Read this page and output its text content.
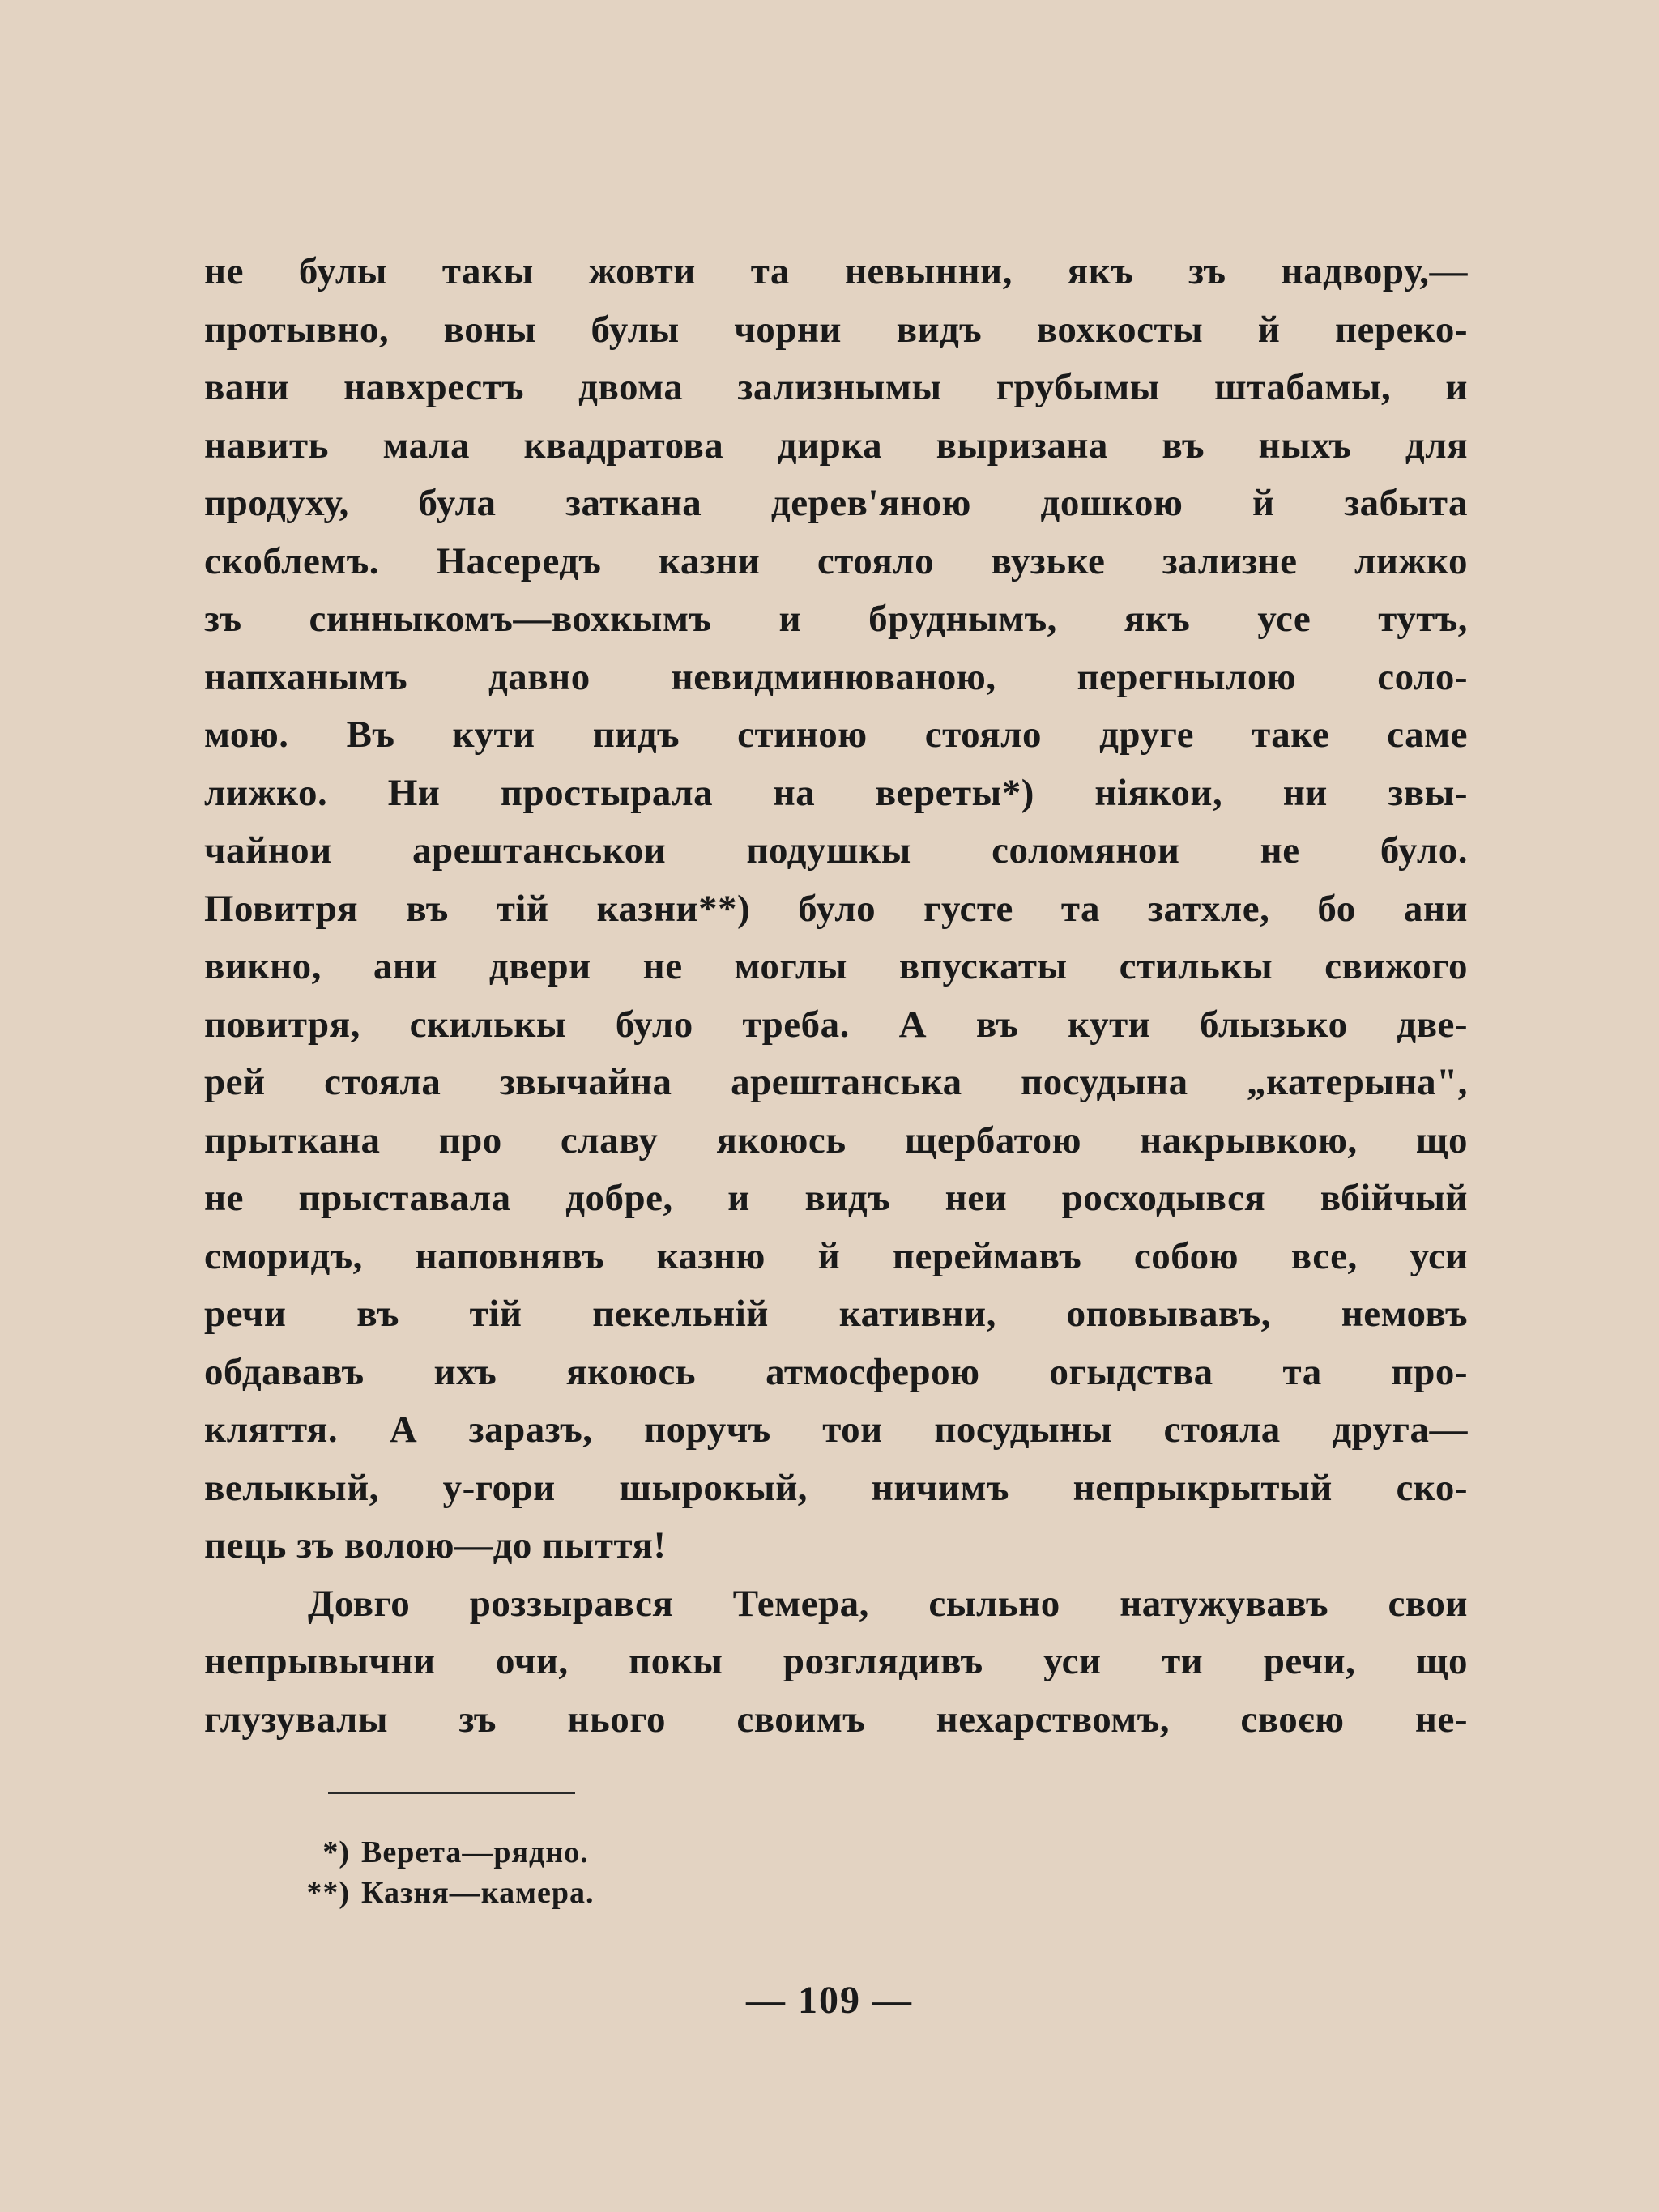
не булы такы жовти та невынни, якъ зъ надвору,—
протывно, воны булы чорни видъ вохкосты й переко-
вани навхрестъ двома зализнымы грубымы штабамы, и
навить мала квадратова дирка выризана въ ныхъ для
продуху, була заткана дерев'яною дошкою й забыта
скоблемъ. Насередъ казни стояло вузьке зализне лижко
зъ синныкомъ—вохкымъ и бруднымъ, якъ усе тутъ,
напханымъ давно невидминюваною, перегнылою соло-
мою. Въ кути пидъ стиною стояло друге таке саме
лижко. Ни простырала на вереты*) ніякои, ни звы-
чайнои арештанськои подушкы соломянои не було.
Повитря въ тій казни**) було густе та затхле, бо ани
викно, ани двери не моглы впускаты стилькы свижого
повитря, скилькы було треба. А въ кути блызько две-
рей стояла звычайна арештанська посудына „катерына",
прыткана про славу якоюсь щербатою накрывкою, що
не прыставала добре, и видъ неи росходывся вбійчый
сморидъ, наповнявъ казню й переймавъ собою все, уси
речи въ тій пекельній кативни, оповывавъ, немовъ
обдававъ ихъ якоюсь атмосферою огыдства та про-
кляття. А заразъ, поручъ тои посудыны стояла друга—
велыкый, у-гори шырокый, ничимъ непрыкрытый ско-
пець зъ волою—до пыття!
Довго роззырався Темера, сыльно натужувавъ свои
непрывычни очи, покы розглядивъ уси ти речи, що
глузувалы зъ нього своимъ нехарствомъ, своєю не-
*) Верета—рядно.
**) Казня—камера.
— 109 —
